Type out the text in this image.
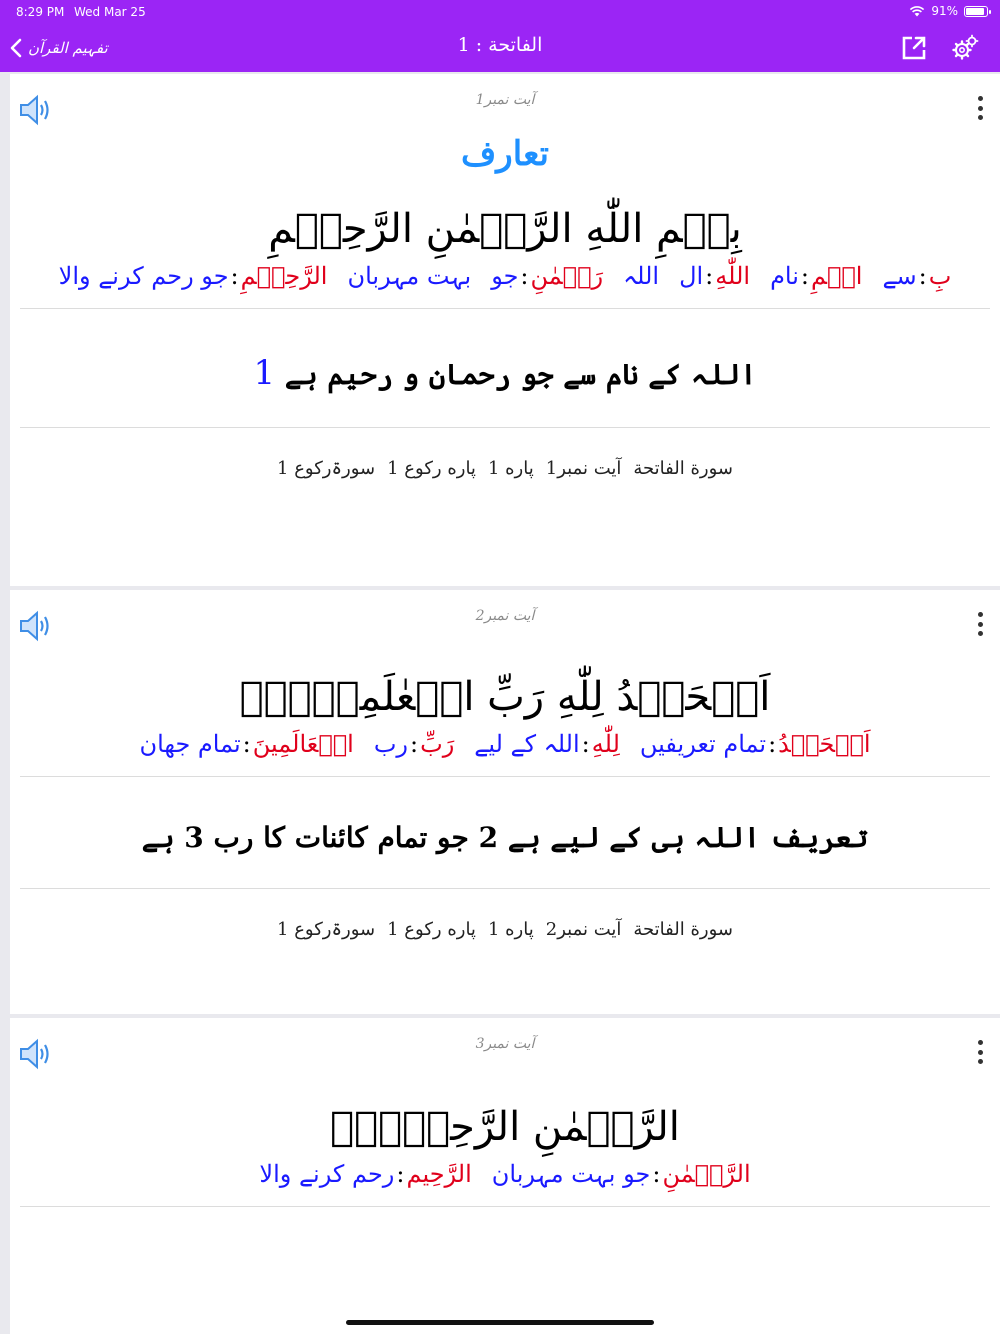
8:29 PM Wed Mar 25	91%
تفہیم القرآن	الفاتحة : 1
آیت نمبر1
تعارف
بِسۡمِ اللّٰهِ الرَّحۡمٰنِ الرَّحِيۡمِ
بِ:سےاسۡمِ:ناماللّٰهِ:الاللہرَحۡمٰنِ:جوبہت مہربانالرَّحِيۡمِ:جو رحم کرنے والا
اللہ کے نام سے جو رحمان و رحیم ہے 1
سورة الفاتحةآیت نمبر1پاره 1پاره رکوع 1سورۃرکوع 1
آیت نمبر2
اَلۡحَمۡدُ لِلّٰهِ رَبِّ الۡعٰلَمِيۡنَۙ
اَلۡحَمۡدُ:تمام تعریفیںلِلّٰهِ:اللہ کے لیےرَبِّ:ربالۡعَالَمِينَ:تمام جهان
تعریف اللہ ہی کے لیے ہے 2 جو تمام کائنات کا رب 3 ہے
سورة الفاتحةآیت نمبر2پاره 1پاره رکوع 1سورۃرکوع 1
آیت نمبر3
الرَّحۡمٰنِ الرَّحِيۡمِۙ
الرَّحۡمٰنِ:جو بہت مہربانالرَّحِيم:رحم کرنے والا
